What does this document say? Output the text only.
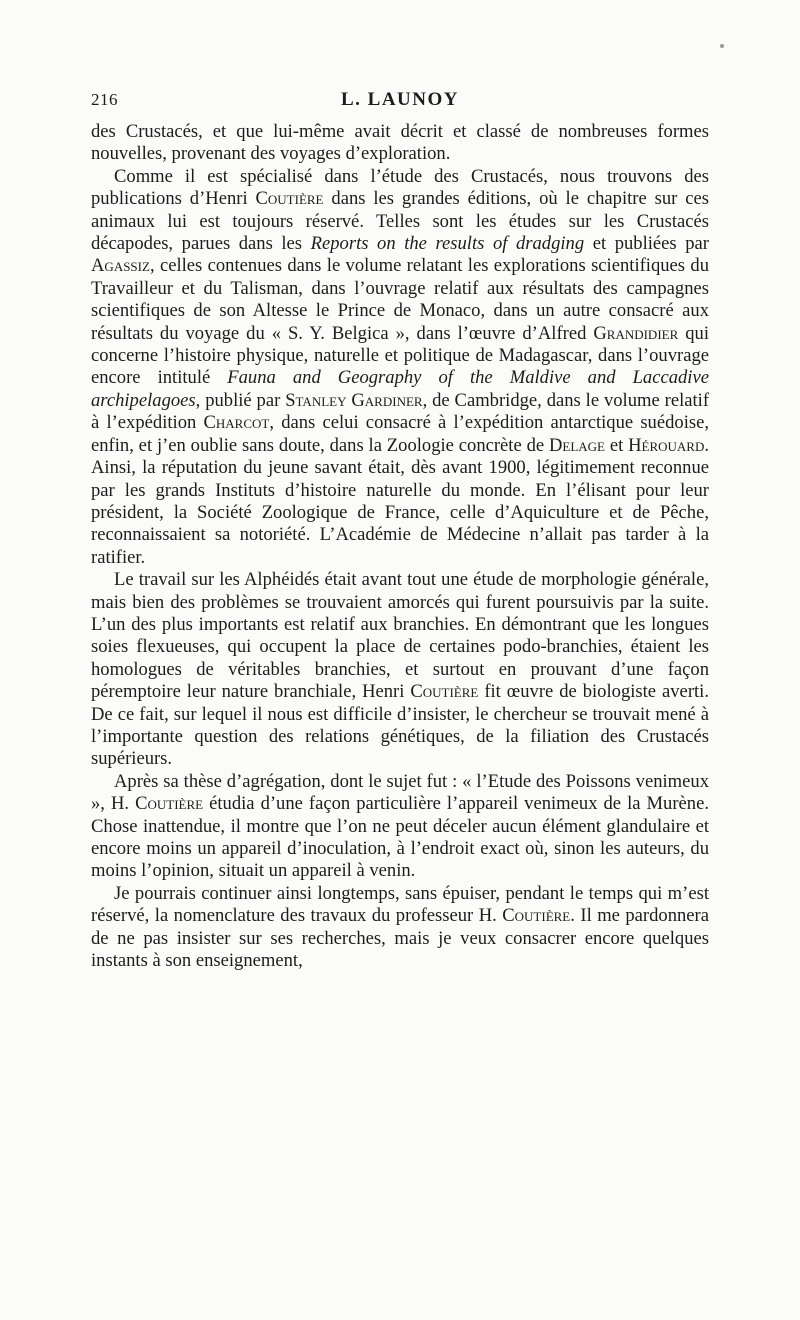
216	L. LAUNOY

des Crustacés, et que lui-même avait décrit et classé de nombreuses formes nouvelles, provenant des voyages d’exploration.

Comme il est spécialisé dans l’étude des Crustacés, nous trouvons des publications d’Henri Coutière dans les grandes éditions, où le chapitre sur ces animaux lui est toujours réservé. Telles sont les études sur les Crustacés décapodes, parues dans les Reports on the results of dradging et publiées par Agassiz, celles contenues dans le volume relatant les explorations scientifiques du Travailleur et du Talisman, dans l’ouvrage relatif aux résultats des campagnes scientifiques de son Altesse le Prince de Monaco, dans un autre consacré aux résultats du voyage du « S. Y. Belgica », dans l’œuvre d’Alfred Grandidier qui concerne l’histoire physique, naturelle et politique de Madagascar, dans l’ouvrage encore intitulé Fauna and Geography of the Maldive and Laccadive archipelagoes, publié par Stanley Gardiner, de Cambridge, dans le volume relatif à l’expédition Charcot, dans celui consacré à l’expédition antarctique suédoise, enfin, et j’en oublie sans doute, dans la Zoologie concrète de Delage et Hérouard. Ainsi, la réputation du jeune savant était, dès avant 1900, légitimement reconnue par les grands Instituts d’histoire naturelle du monde. En l’élisant pour leur président, la Société Zoologique de France, celle d’Aquiculture et de Pêche, reconnaissaient sa notoriété. L’Académie de Médecine n’allait pas tarder à la ratifier.

Le travail sur les Alphéidés était avant tout une étude de morphologie générale, mais bien des problèmes se trouvaient amorcés qui furent poursuivis par la suite. L’un des plus importants est relatif aux branchies. En démontrant que les longues soies flexueuses, qui occupent la place de certaines podo-branchies, étaient les homologues de véritables branchies, et surtout en prouvant d’une façon péremptoire leur nature branchiale, Henri Coutière fit œuvre de biologiste averti. De ce fait, sur lequel il nous est difficile d’insister, le chercheur se trouvait mené à l’importante question des relations génétiques, de la filiation des Crustacés supérieurs.

Après sa thèse d’agrégation, dont le sujet fut : « l’Etude des Poissons venimeux », H. Coutière étudia d’une façon particulière l’appareil venimeux de la Murène. Chose inattendue, il montre que l’on ne peut déceler aucun élément glandulaire et encore moins un appareil d’inoculation, à l’endroit exact où, sinon les auteurs, du moins l’opinion, situait un appareil à venin.

Je pourrais continuer ainsi longtemps, sans épuiser, pendant le temps qui m’est réservé, la nomenclature des travaux du professeur H. Coutière. Il me pardonnera de ne pas insister sur ses recherches, mais je veux consacrer encore quelques instants à son enseignement,
